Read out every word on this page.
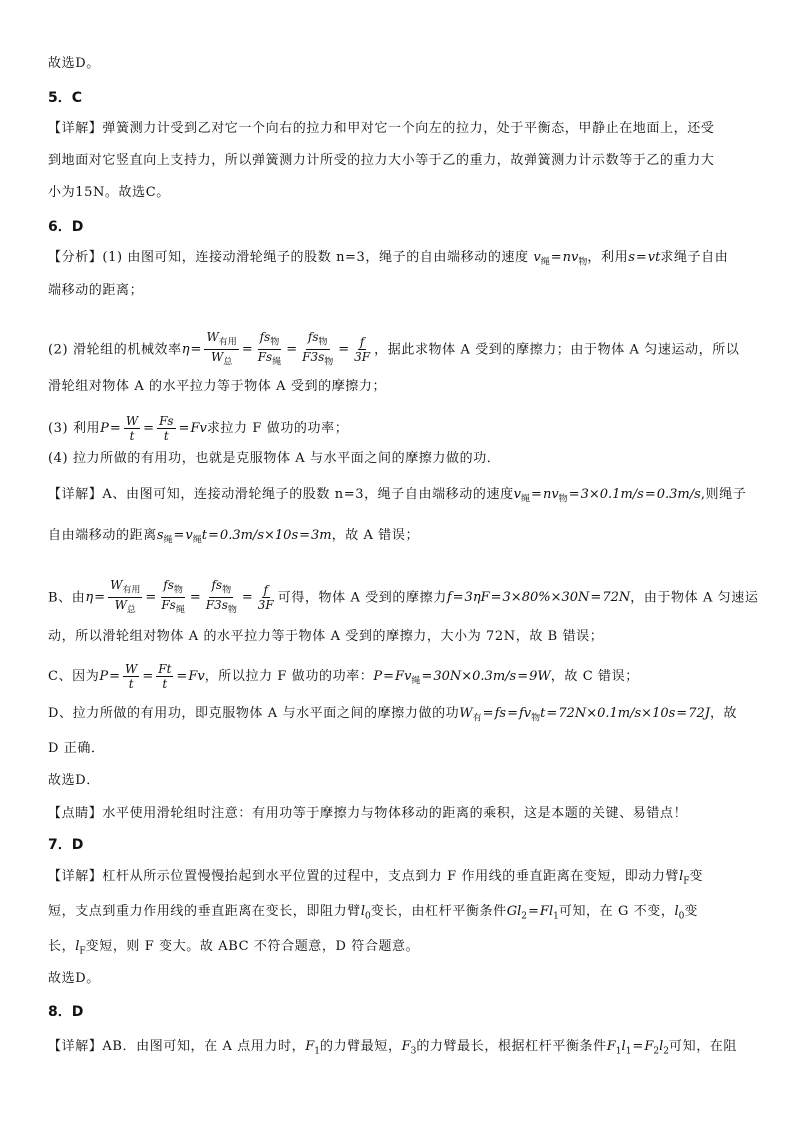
故选D。
5．C
【详解】弹簧测力计受到乙对它一个向右的拉力和甲对它一个向左的拉力，处于平衡态，甲静止在地面上，还受
到地面对它竖直向上支持力，所以弹簧测力计所受的拉力大小等于乙的重力，故弹簧测力计示数等于乙的重力大
小为15N。故选C。
6．D
【分析】(1) 由图可知，连接动滑轮绳子的股数 n=3，绳子的自由端移动的速度 $v_绳=nv_物$，利用s=vt求绳子自由
端移动的距离；
(2) 滑轮组的机械效率$\eta= \frac{W_{有用}}{W_总} = \frac{fs_物}{Fs_绳} = \frac{fs_物}{F3s_物} = \frac{f}{3F}$ ，据此求物体 A 受到的摩擦力；由于物体 A 匀速运动，所以
滑轮组对物体 A 的水平拉力等于物体 A 受到的摩擦力；
(3) 利用$P= \frac{W}{t} = \frac{Fs}{t} =Fv$求拉力 F 做功的功率；
(4) 拉力所做的有用功，也就是克服物体 A 与水平面之间的摩擦力做的功．
【详解】A、由图可知，连接动滑轮绳子的股数 n=3，绳子自由端移动的速度$v_绳=nv_物=3\times 0.1m/s=0.3m/s$,则绳子
自由端移动的距离$s_绳=v_绳t=0.3m/s\times 10s=3m$，故 A 错误；
B、由$\eta= \frac{W_{有用}}{W_总} = \frac{fs_物}{Fs_绳} = \frac{fs_物}{F3s_物} = \frac{f}{3F}$ 可得，物体 A 受到的摩擦力f=3ηF=3×80%×30N=72N，由于物体 A 匀速运
动，所以滑轮组对物体 A 的水平拉力等于物体 A 受到的摩擦力，大小为 72N，故 B 错误；
C、因为$P= \frac{W}{t} = \frac{Ft}{t} =Fv$，所以拉力 F 做功的功率：$P=Fv_绳=30N\times 0.3m/s=9W$，故 C 错误；
D、拉力所做的有用功，即克服物体 A 与水平面之间的摩擦力做的功$W_有=fs=fv_物t=72N\times 0.1m/s\times 10s=72J$，故
D 正确．
故选D．
【点睛】水平使用滑轮组时注意：有用功等于摩擦力与物体移动的距离的乘积，这是本题的关键、易错点！
7．D
【详解】杠杆从所示位置慢慢抬起到水平位置的过程中，支点到力 F 作用线的垂直距离在变短，即动力臂$l_F$变
短，支点到重力作用线的垂直距离在变长，即阻力臂$l_0$变长，由杠杆平衡条件$Gl_2=Fl_1$可知，在 G 不变，$l_0$变
长，$l_F$变短，则 F 变大。故 ABC 不符合题意，D 符合题意。
故选D。
8．D
【详解】AB．由图可知，在 A 点用力时，$F_1$的力臂最短，$F_3$的力臂最长，根据杠杆平衡条件$F_1l_1=F_2l_2$可知，在阻
